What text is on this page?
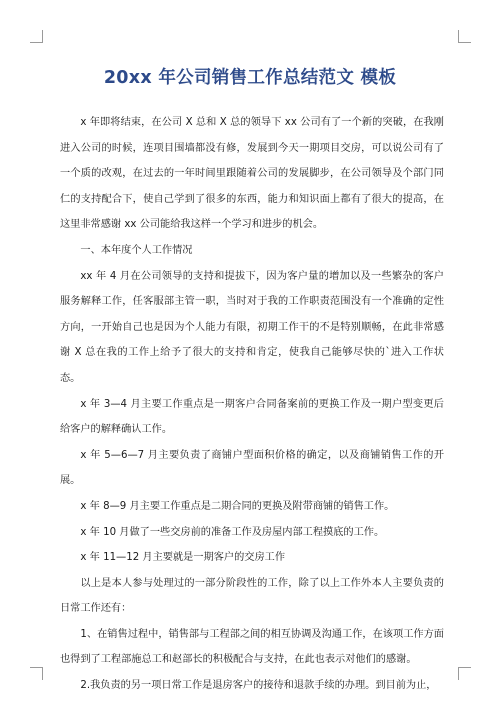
20xx 年公司销售工作总结范文 模板

x 年即将结束，在公司 X 总和 X 总的领导下 xx 公司有了一个新的突破，在我刚进入公司的时候，连项目围墙都没有修，发展到今天一期项目交房，可以说公司有了一个质的改观，在过去的一年时间里跟随着公司的发展脚步，在公司领导及个部门同仁的支持配合下，使自己学到了很多的东西，能力和知识面上都有了很大的提高，在这里非常感谢 xx 公司能给我这样一个学习和进步的机会。

一、本年度个人工作情况

xx 年 4 月在公司领导的支持和提拔下，因为客户量的增加以及一些繁杂的客户服务解释工作，任客服部主管一职，当时对于我的工作职责范围没有一个准确的定性方向，一开始自己也是因为个人能力有限，初期工作干的不是特别顺畅，在此非常感谢 X 总在我的工作上给予了很大的支持和肯定，使我自己能够尽快的`进入工作状态。

x 年 3—4 月主要工作重点是一期客户合同备案前的更换工作及一期户型变更后给客户的解释确认工作。

x 年 5—6—7 月主要负责了商铺户型面积价格的确定，以及商铺销售工作的开展。

x 年 8—9 月主要工作重点是二期合同的更换及附带商铺的销售工作。

x 年 10 月做了一些交房前的准备工作及房屋内部工程摸底的工作。

x 年 11—12 月主要就是一期客户的交房工作

以上是本人参与处理过的一部分阶段性的工作，除了以上工作外本人主要负责的日常工作还有：

1、在销售过程中，销售部与工程部之间的相互协调及沟通工作，在该项工作方面也得到了工程部施总工和赵部长的积极配合与支持，在此也表示对他们的感谢。

2.我负责的另一项日常工作是退房客户的接待和退款手续的办理。到目前为止，
